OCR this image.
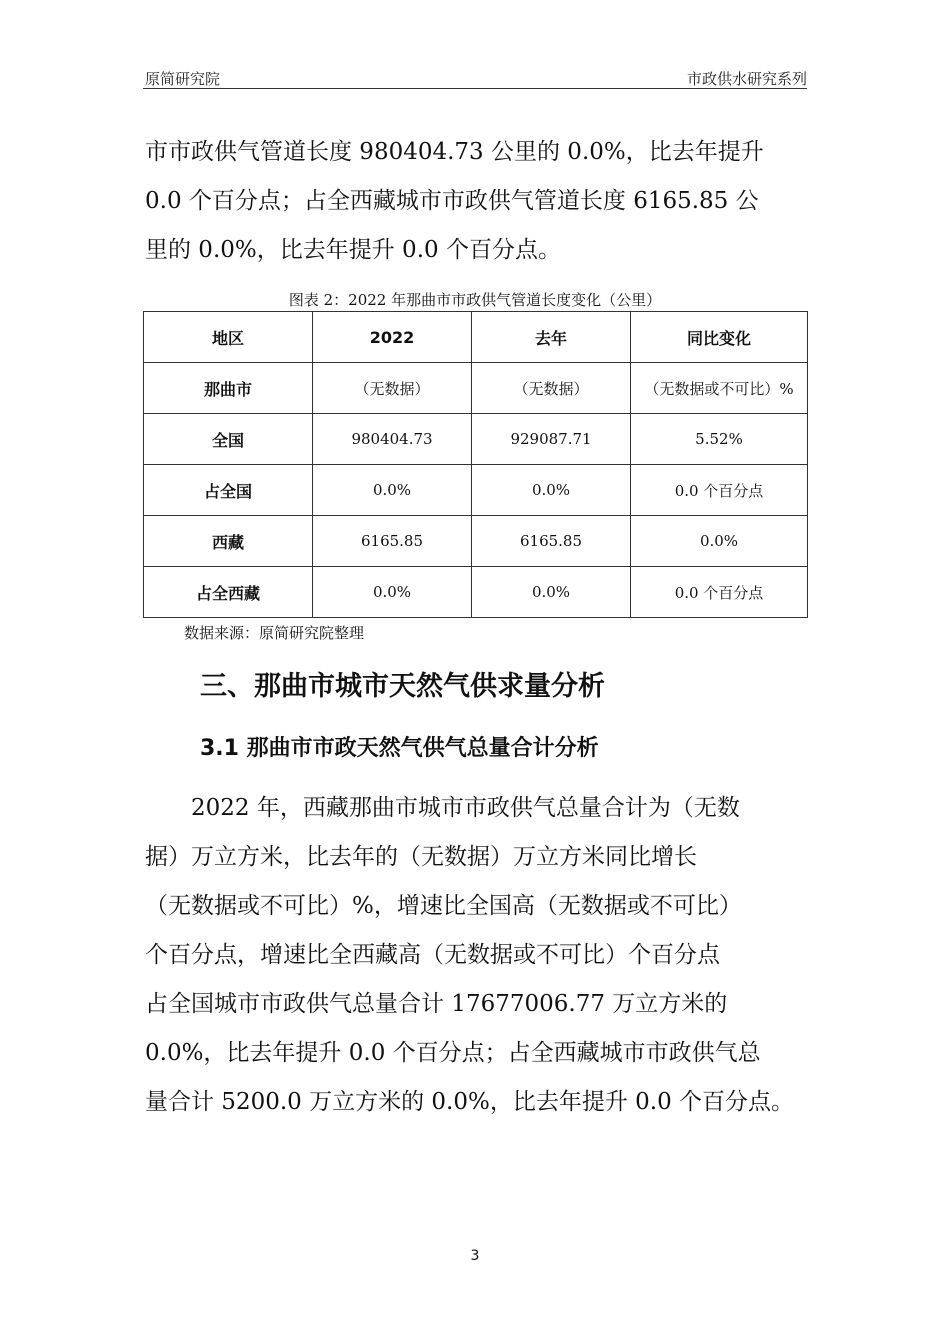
原简研究院	市政供水研究系列
市市政供气管道长度 980404.73 公里的 0.0%，比去年提升
0.0 个百分点；占全西藏城市市政供气管道长度 6165.85 公
里的 0.0%，比去年提升 0.0 个百分点。
图表 2：2022 年那曲市市政供气管道长度变化（公里）
地区	2022	去年	同比变化
那曲市	（无数据）	（无数据）	（无数据或不可比）%
全国	980404.73	929087.71	5.52%
占全国	0.0%	0.0%	0.0 个百分点
西藏	6165.85	6165.85	0.0%
占全西藏	0.0%	0.0%	0.0 个百分点
数据来源：原简研究院整理
三、那曲市城市天然气供求量分析
3.1 那曲市市政天然气供气总量合计分析
2022 年，西藏那曲市城市市政供气总量合计为（无数
据）万立方米，比去年的（无数据）万立方米同比增长
（无数据或不可比）%，增速比全国高（无数据或不可比）
个百分点，增速比全西藏高（无数据或不可比）个百分点
占全国城市市政供气总量合计 17677006.77 万立方米的
0.0%，比去年提升 0.0 个百分点；占全西藏城市市政供气总
量合计 5200.0 万立方米的 0.0%，比去年提升 0.0 个百分点。
3
